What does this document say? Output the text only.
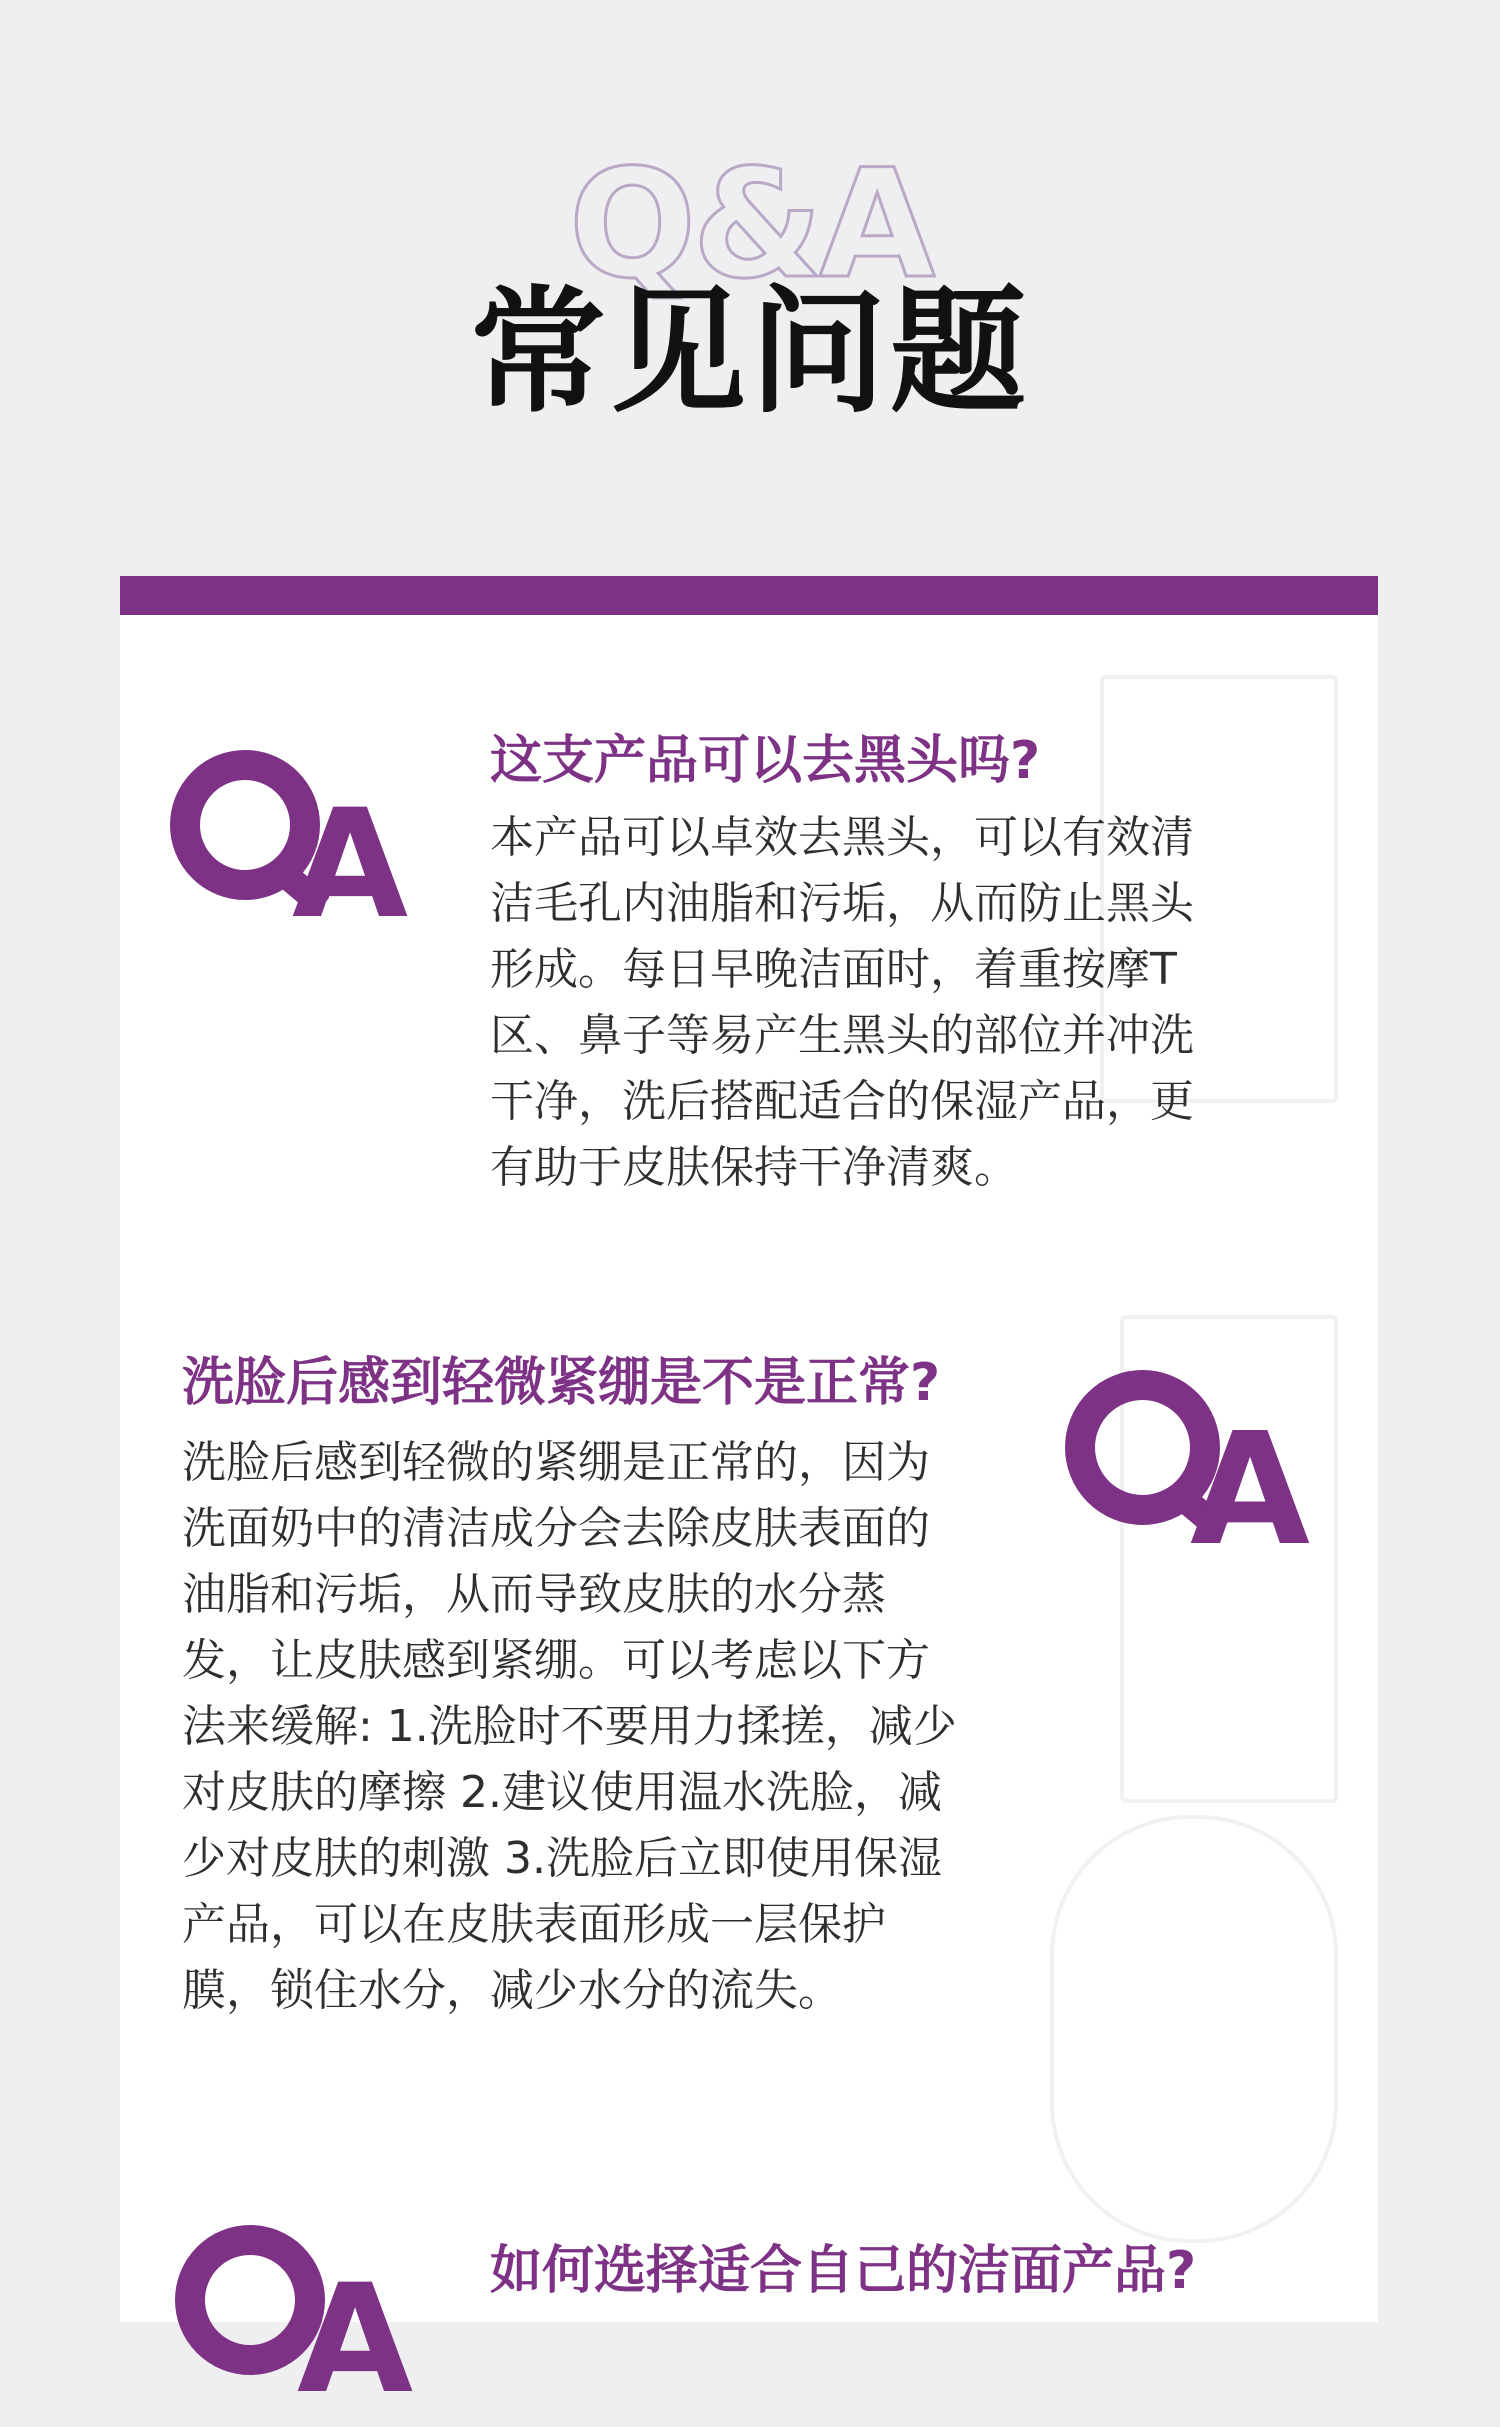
Q&A
常见问题
A
这支产品可以去黑头吗?
本产品可以卓效去黑头，可以有效清
洁毛孔内油脂和污垢，从而防止黑头
形成。每日早晚洁面时，着重按摩T
区、鼻子等易产生黑头的部位并冲洗
干净，洗后搭配适合的保湿产品，更
有助于皮肤保持干净清爽。
洗脸后感到轻微紧绷是不是正常?
A
洗脸后感到轻微的紧绷是正常的，因为
洗面奶中的清洁成分会去除皮肤表面的
油脂和污垢，从而导致皮肤的水分蒸
发，让皮肤感到紧绷。可以考虑以下方
法来缓解: 1.洗脸时不要用力揉搓，减少
对皮肤的摩擦 2.建议使用温水洗脸，减
少对皮肤的刺激 3.洗脸后立即使用保湿
产品，可以在皮肤表面形成一层保护
膜，锁住水分，减少水分的流失。
A 如何选择适合自己的洁面产品?
